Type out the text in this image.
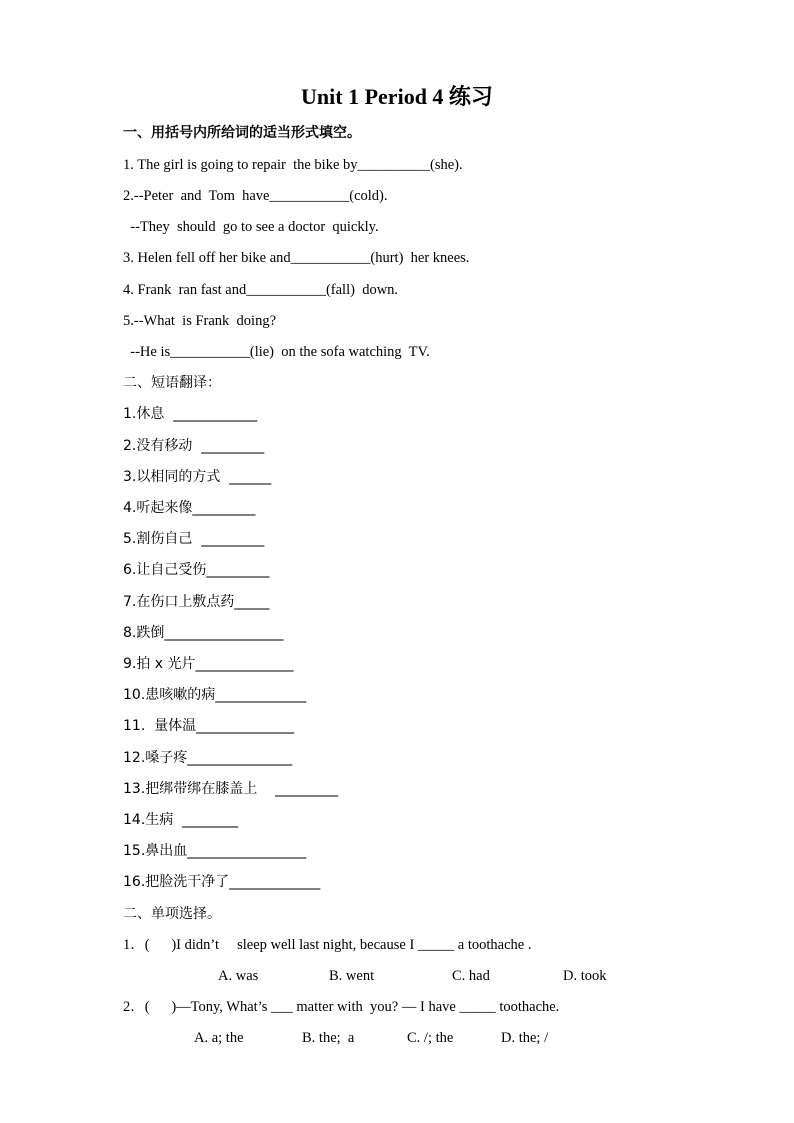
Unit 1 Period 4 练习
一、用括号内所给词的适当形式填空。
1. The girl is going to repair  the bike by__________(she).
2.--Peter  and  Tom  have___________(cold).
--They  should  go to see a doctor  quickly.
3. Helen fell off her bike and___________(hurt)  her knees.
4. Frank  ran fast and___________(fall)  down.
5.--What  is Frank  doing?
--He is___________(lie)  on the sofa watching  TV.
二、短语翻译：
1.休息  ____________
2.没有移动  _________
3.以相同的方式  ______
4.听起来像_________
5.割伤自己  _________
6.让自己受伤_________
7.在伤口上敷点药_____
8.跌倒_________________
9.拍 x 光片______________
10.患咳嗽的病_____________
11.  量体温______________
12.嗓子疼_______________
13.把绑带绑在膝盖上    _________
14.生病  ________
15.鼻出血_________________
16.把脸洗干净了_____________
二、单项选择。
1．(      )I didn’t     sleep well last night, because I _____ a toothache .
A. was	B. went	C. had	D. took
2．(      )—Tony, What’s ___ matter with  you? — I have _____ toothache.
A. a; the	B. the;  a	C. /; the	D. the; /
